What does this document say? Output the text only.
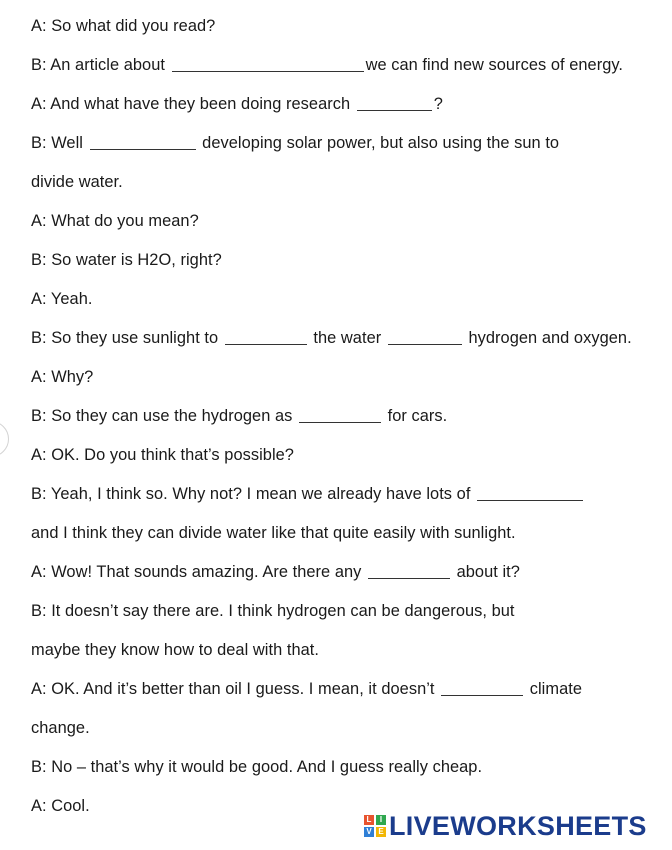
A: So what did you read?
B: An article about	we can find new sources of energy.
A: And what have they been doing research	?
B: Well	developing solar power, but also using the sun to
divide water.
A: What do you mean?
B: So water is H2O, right?
A: Yeah.
B: So they use sunlight to	the water	hydrogen and oxygen.
A: Why?
B: So they can use the hydrogen as	for cars.
A: OK. Do you think that’s possible?
B: Yeah, I think so. Why not? I mean we already have lots of
and I think they can divide water like that quite easily with sunlight.
A: Wow! That sounds amazing. Are there any	about it?
B: It doesn’t say there are. I think hydrogen can be dangerous, but
maybe they know how to deal with that.
A: OK. And it’s better than oil I guess. I mean, it doesn’t	climate
change.
B: No – that’s why it would be good. And I guess really cheap.
A: Cool.
L	I
V E LIVEWORKSHEETS
